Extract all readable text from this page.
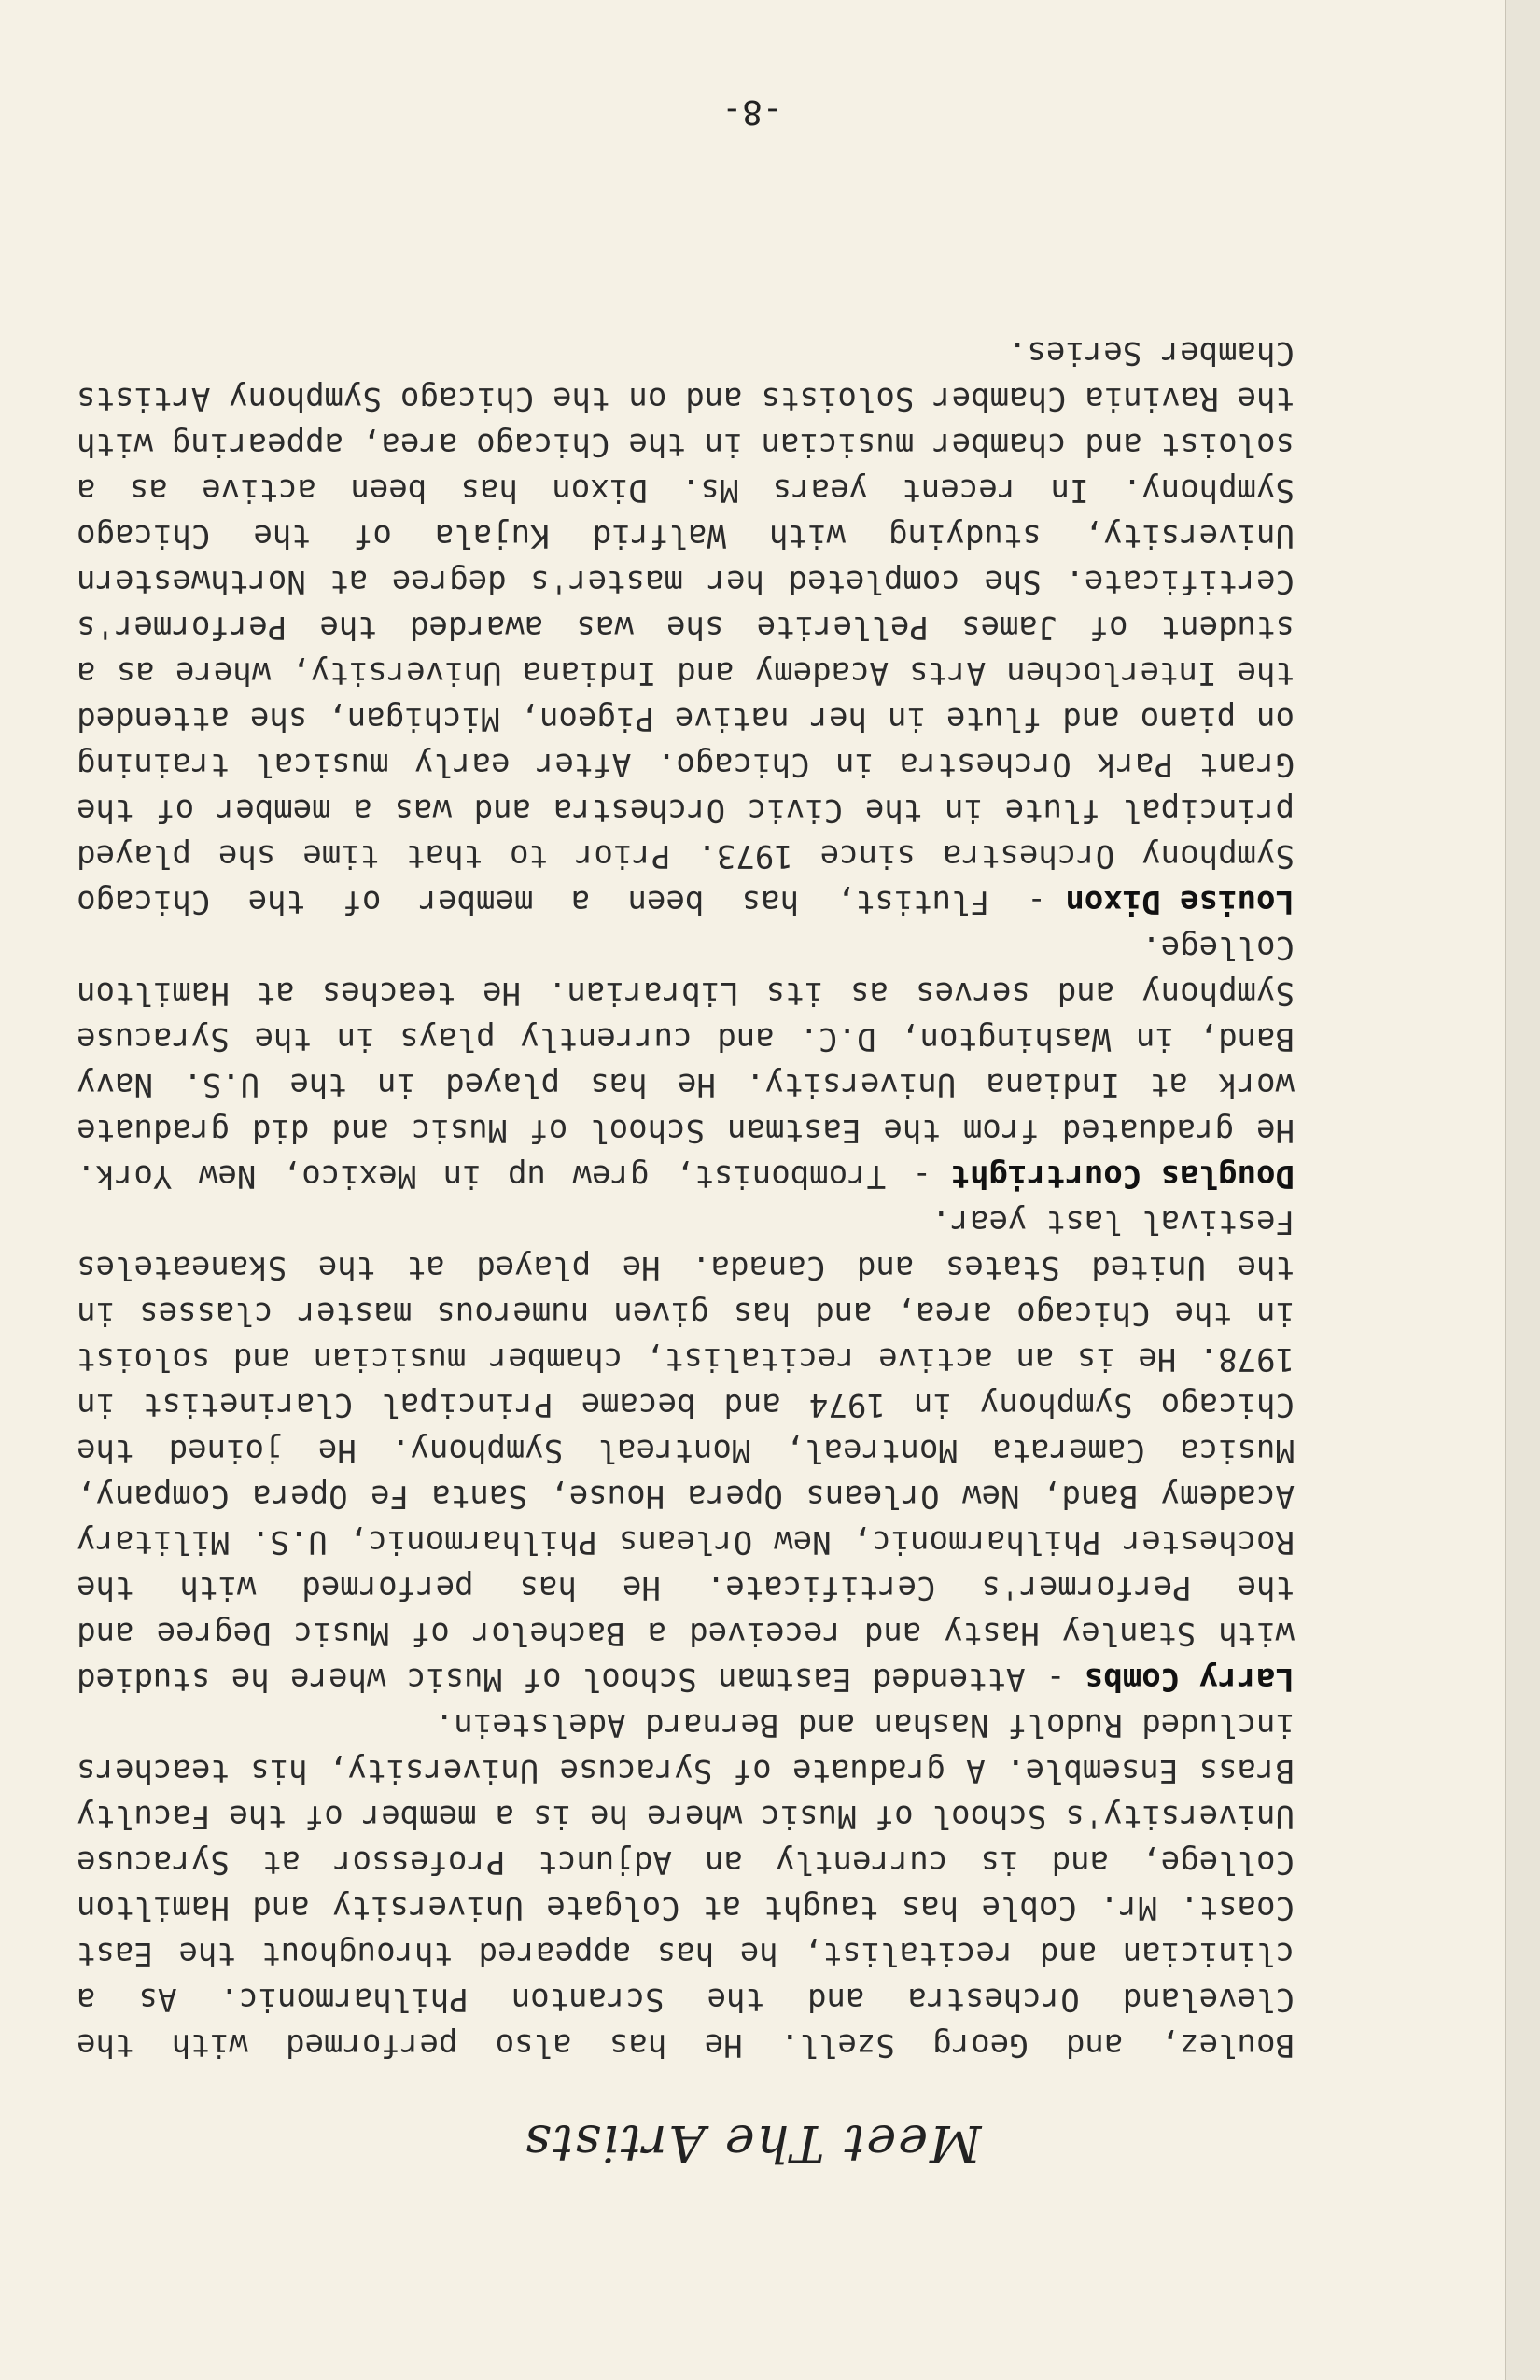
Meet The Artists
Boulez,
and
Georg
Szell.
He
has
also
performed
with
the
Cleveland
Orchestra
and
the
Scranton
Philharmonic.
As
a
clinician
and
recitalist,
he
has
appeared
throughout
the
East
Coast.
Mr.
Coble
has
taught
at
Colgate
University
and
Hamilton
College,
and
is
currently
an
Adjunct
Professor
at
Syracuse
University's
School
of
Music
where
he
is
a
member
of
the
Faculty
Brass
Ensemble.
A
graduate
of
Syracuse
University,
his
teachers
included Rudolf Nashan and Bernard Adelstein.
Larry Combs
-
Attended
Eastman
School
of
Music
where
he
studied
with
Stanley
Hasty
and
received
a
Bachelor
of
Music
Degree
and
the
Performer's
Certificate.
He
has
performed
with
the
Rochester
Philharmonic,
New
Orleans
Philharmonic,
U.S.
Military
Academy
Band,
New
Orleans
Opera
House,
Santa
Fe
Opera
Company,
Musica
Camerata
Montreal,
Montreal
Symphony.
He
joined
the
Chicago
Symphony
in
1974
and
became
Principal
Clarinetist
in
1978.
He
is
an
active
recitalist,
chamber
musician
and
soloist
in
the
Chicago
area,
and
has
given
numerous
master
classes
in
the
United
States
and
Canada.
He
played
at
the
Skaneateles
Festival last year.
Douglas Courtright
-
Trombonist,
grew
up
in
Mexico,
New
York.
He
graduated
from
the
Eastman
School
of
Music
and
did
graduate
work
at
Indiana
University.
He
has
played
in
the
U.S.
Navy
Band,
in
Washington,
D.C.
and
currently
plays
in
the
Syracuse
Symphony
and
serves
as
its
Librarian.
He
teaches
at
Hamilton
College.
Louise Dixon
-
Flutist,
has
been
a
member
of
the
Chicago
Symphony
Orchestra
since
1973.
Prior
to
that
time
she
played
principal
flute
in
the
Civic
Orchestra
and
was
a
member
of
the
Grant
Park
Orchestra
in
Chicago.
After
early
musical
training
on
piano
and
flute
in
her
native
Pigeon,
Michigan,
she
attended
the
Interlochen
Arts
Academy
and
Indiana
University,
where
as
a
student
of
James
Pellerite
she
was
awarded
the
Performer's
Certificate.
She
completed
her
master's
degree
at
Northwestern
University,
studying
with
Walfrid
Kujala
of
the
Chicago
Symphony.
In
recent
years
Ms.
Dixon
has
been
active
as
a
soloist
and
chamber
musician
in
the
Chicago
area,
appearing
with
the
Ravinia
Chamber
Soloists
and
on
the
Chicago
Symphony
Artists
Chamber Series.
-8-
